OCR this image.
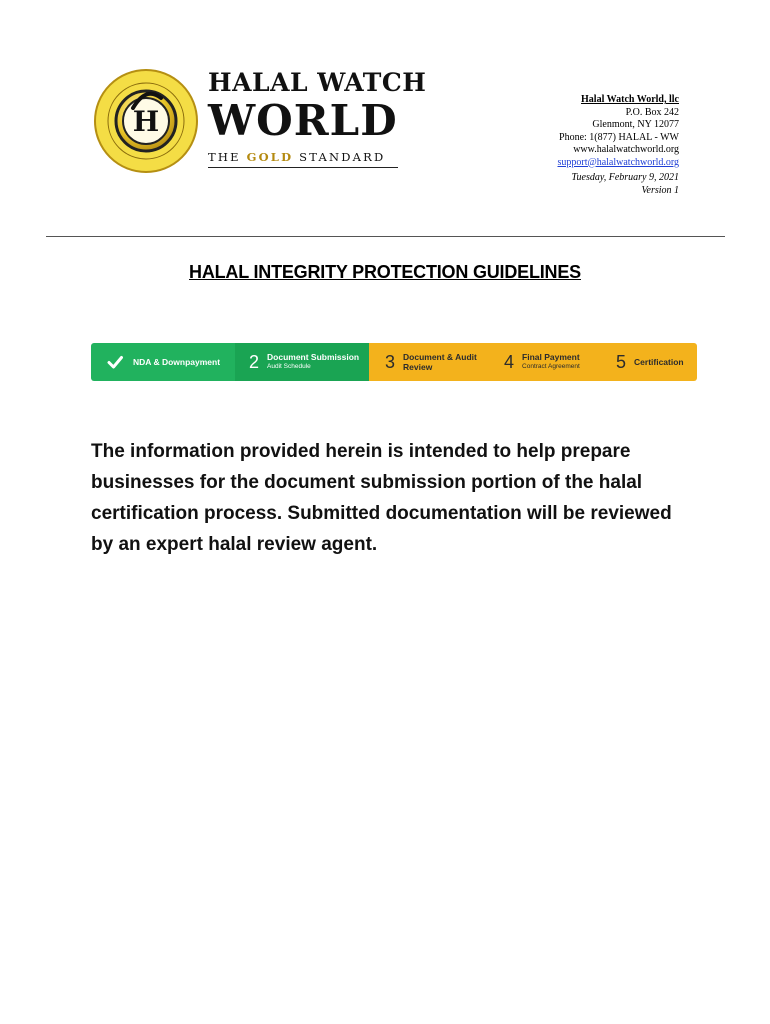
H
HALAL WATCH
WORLD
THE GOLD STANDARD
Halal Watch World, llc
P.O. Box 242
Glenmont, NY 12077
Phone: 1(877) HALAL - WW
www.halalwatchworld.org
support@halalwatchworld.org
Tuesday, February 9, 2021
Version 1
HALAL INTEGRITY PROTECTION GUIDELINES
NDA & Downpayment 2 Document Submission
Audit Schedule	3 Document & Audit
Review	4 Final Payment
Contract Agreement 5 Certification
The information provided herein is intended to help prepare businesses for the document submission portion of the halal certification process. Submitted documentation will be reviewed by an expert halal review agent.
